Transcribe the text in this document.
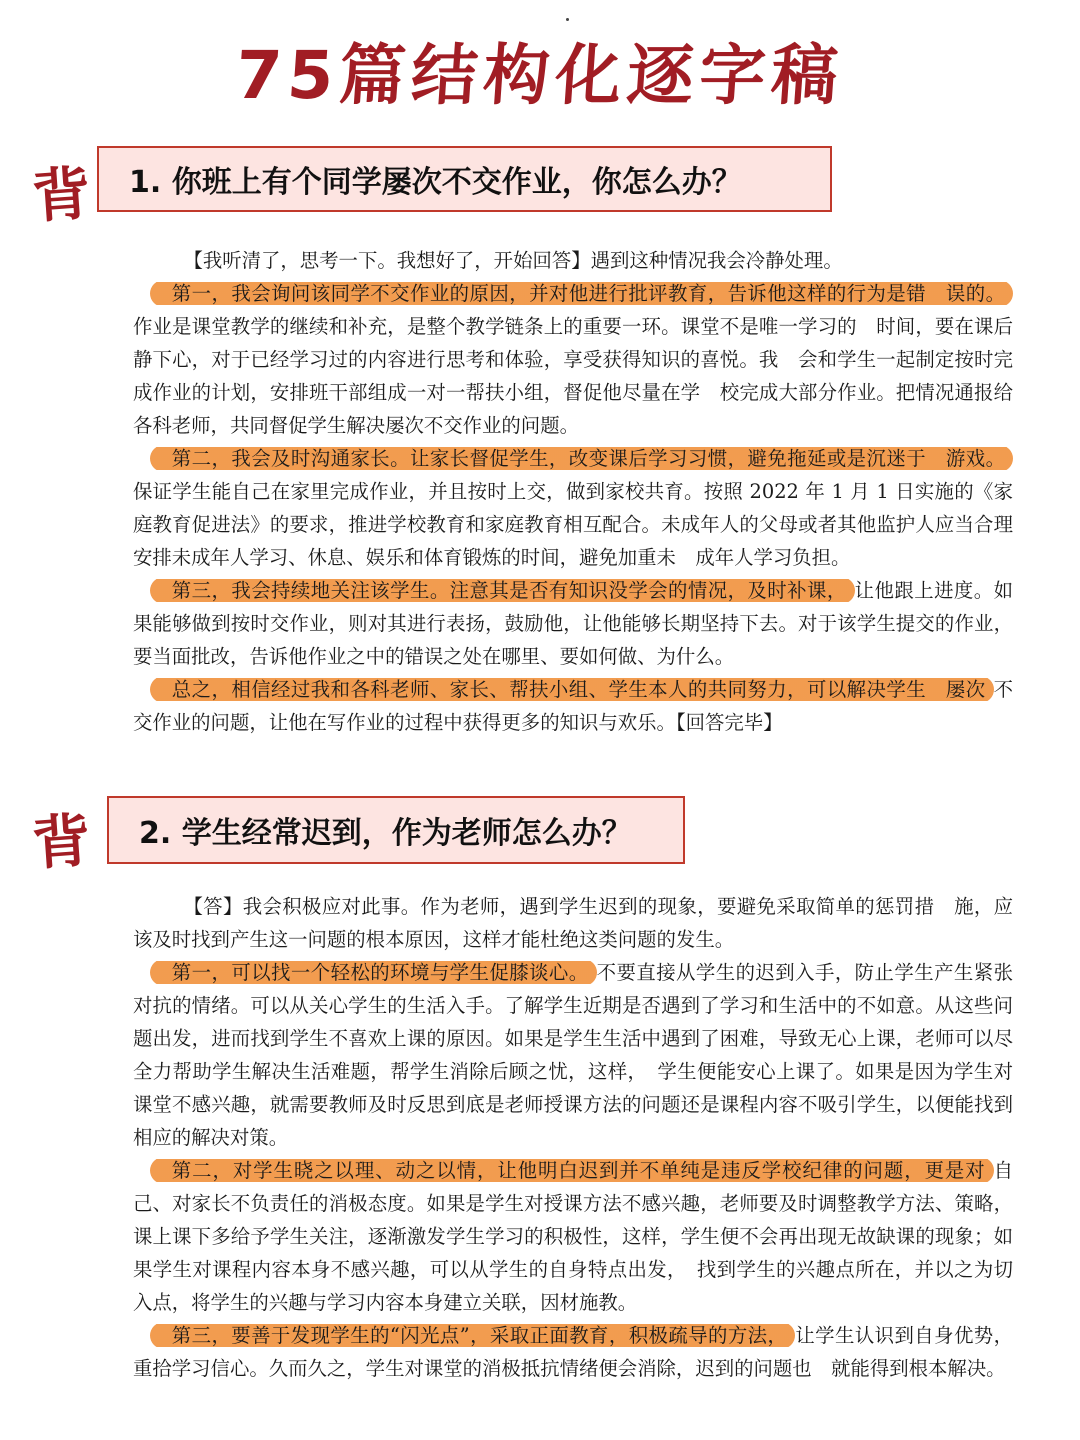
75篇结构化逐字稿
背 1. 你班上有个同学屡次不交作业，你怎么办？

【我听清了，思考一下。我想好了，开始回答】遇到这种情况我会冷静处理。

第一，我会询问该同学不交作业的原因，并对他进行批评教育，告诉他这样的行为是错　误的。作业是课堂教学的继续和补充，是整个教学链条上的重要一环。课堂不是唯一学习的　时间，要在课后静下心，对于已经学习过的内容进行思考和体验，享受获得知识的喜悦。我　会和学生一起制定按时完成作业的计划，安排班干部组成一对一帮扶小组，督促他尽量在学　校完成大部分作业。把情况通报给各科老师，共同督促学生解决屡次不交作业的问题。

第二，我会及时沟通家长。让家长督促学生，改变课后学习习惯，避免拖延或是沉迷于　游戏。保证学生能自己在家里完成作业，并且按时上交，做到家校共育。按照 2022 年 1 月 1 日实施的《家庭教育促进法》的要求，推进学校教育和家庭教育相互配合。未成年人的父母或者其他监护人应当合理安排未成年人学习、休息、娱乐和体育锻炼的时间，避免加重未　成年人学习负担。

第三，我会持续地关注该学生。注意其是否有知识没学会的情况，及时补课， 让他跟上进度。如果能够做到按时交作业，则对其进行表扬，鼓励他，让他能够长期坚持下去。对于该学生提交的作业，要当面批改，告诉他作业之中的错误之处在哪里、要如何做、为什么。

总之，相信经过我和各科老师、家长、帮扶小组、学生本人的共同努力，可以解决学生　屡次 不交作业的问题，让他在写作业的过程中获得更多的知识与欢乐。【回答完毕】

背 2. 学生经常迟到，作为老师怎么办？

【答】我会积极应对此事。作为老师，遇到学生迟到的现象，要避免采取简单的惩罚措　施，应该及时找到产生这一问题的根本原因，这样才能杜绝这类问题的发生。

第一，可以找一个轻松的环境与学生促膝谈心。 不要直接从学生的迟到入手，防止学生产生紧张对抗的情绪。可以从关心学生的生活入手。了解学生近期是否遇到了学习和生活中的不如意。从这些问题出发，进而找到学生不喜欢上课的原因。如果是学生生活中遇到了困难，导致无心上课，老师可以尽全力帮助学生解决生活难题，帮学生消除后顾之忧，这样，　学生便能安心上课了。如果是因为学生对课堂不感兴趣，就需要教师及时反思到底是老师授课方法的问题还是课程内容不吸引学生，以便能找到相应的解决对策。

第二，对学生晓之以理、动之以情，让他明白迟到并不单纯是违反学校纪律的问题，更是对 自己、对家长不负责任的消极态度。如果是学生对授课方法不感兴趣，老师要及时调整教学方法、策略，课上课下多给予学生关注，逐渐激发学生学习的积极性，这样，学生便不会再出现无故缺课的现象；如果学生对课程内容本身不感兴趣，可以从学生的自身特点出发，　找到学生的兴趣点所在，并以之为切入点，将学生的兴趣与学习内容本身建立关联，因材施教。

第三，要善于发现学生的“闪光点”，采取正面教育，积极疏导的方法， 让学生认识到自身优势，重拾学习信心。久而久之，学生对课堂的消极抵抗情绪便会消除，迟到的问题也　就能得到根本解决。
